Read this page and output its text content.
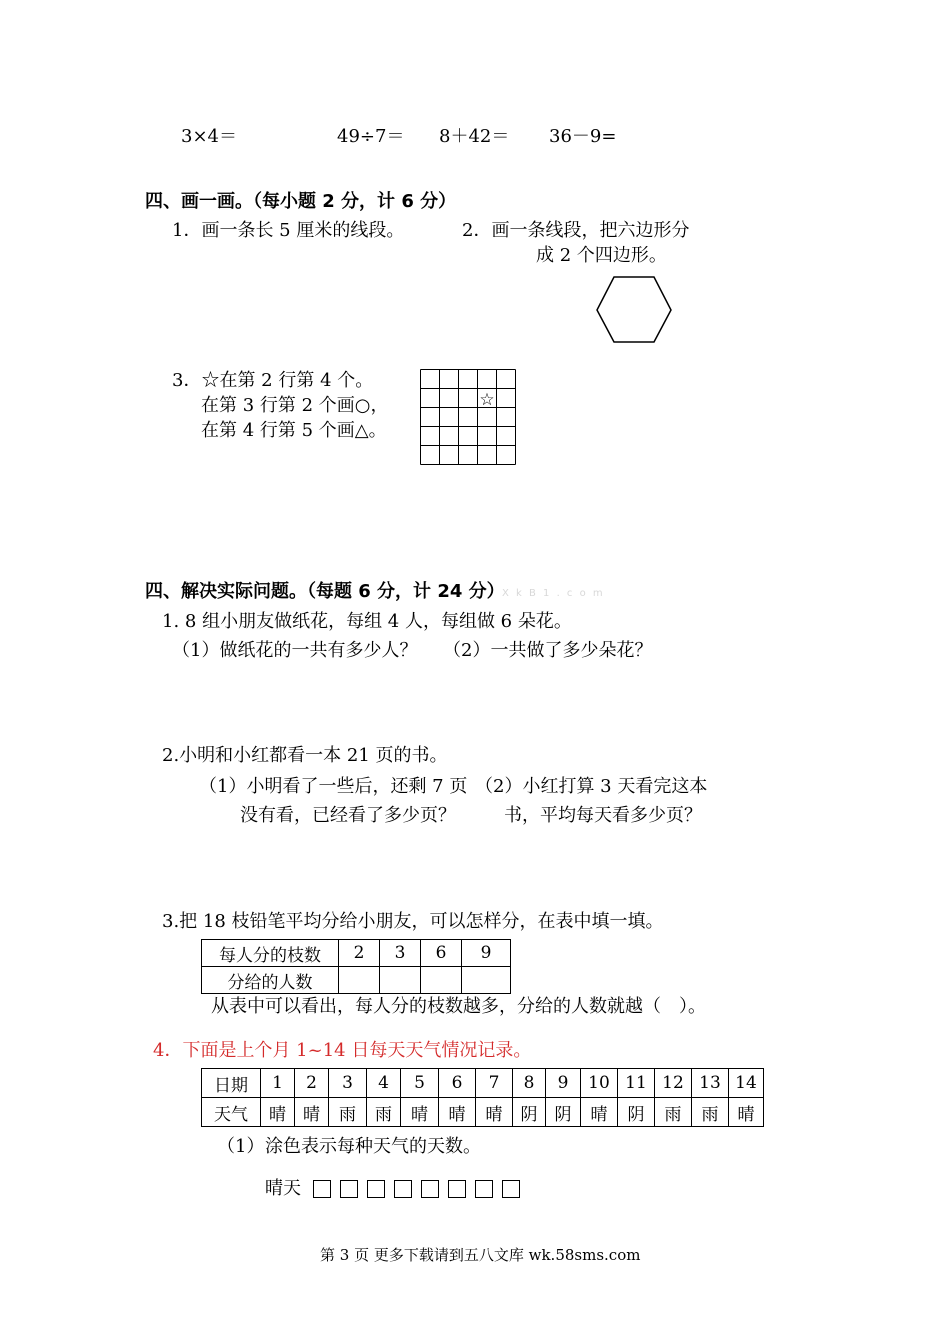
3×4＝	49÷7＝ 8＋42＝ 36－9=
四、画一画。（每小题 2 分，计 6 分）
1．画一条长 5 厘米的线段。	2．画一条线段，把六边形分
成 2 个四边形。
3．☆在第 2 行第 4 个。
在第 3 行第 2 个画○，
在第 4 行第 5 个画△。
☆
四、解决实际问题。（每题 6 分，计 24 分）
X k B 1 . c o m
1. 8 组小朋友做纸花，每组 4 人，每组做 6 朵花。
（1）做纸花的一共有多少人？ （2）一共做了多少朵花？
2.小明和小红都看一本 21 页的书。
（1）小明看了一些后，还剩 7 页
没有看，已经看了多少页？
（2）小红打算 3 天看完这本
书，平均每天看多少页？
3.把 18 枝铅笔平均分给小朋友，可以怎样分，在表中填一填。
每人分的枝数	2	3	6	9
分给的人数				
从表中可以看出，每人分的枝数越多，分给的人数就越（　）。
4．下面是上个月 1~14 日每天天气情况记录。
日期	1	2	3	4	5	6	7	8	9	10	11	12	13	14
天气	晴	晴	雨	雨	晴	晴	晴	阴	阴	晴	阴	雨	雨	晴
（1） 涂色表示每种天气的天数。
晴天
第 3 页 更多下载请到五八文库 wk.58sms.com
